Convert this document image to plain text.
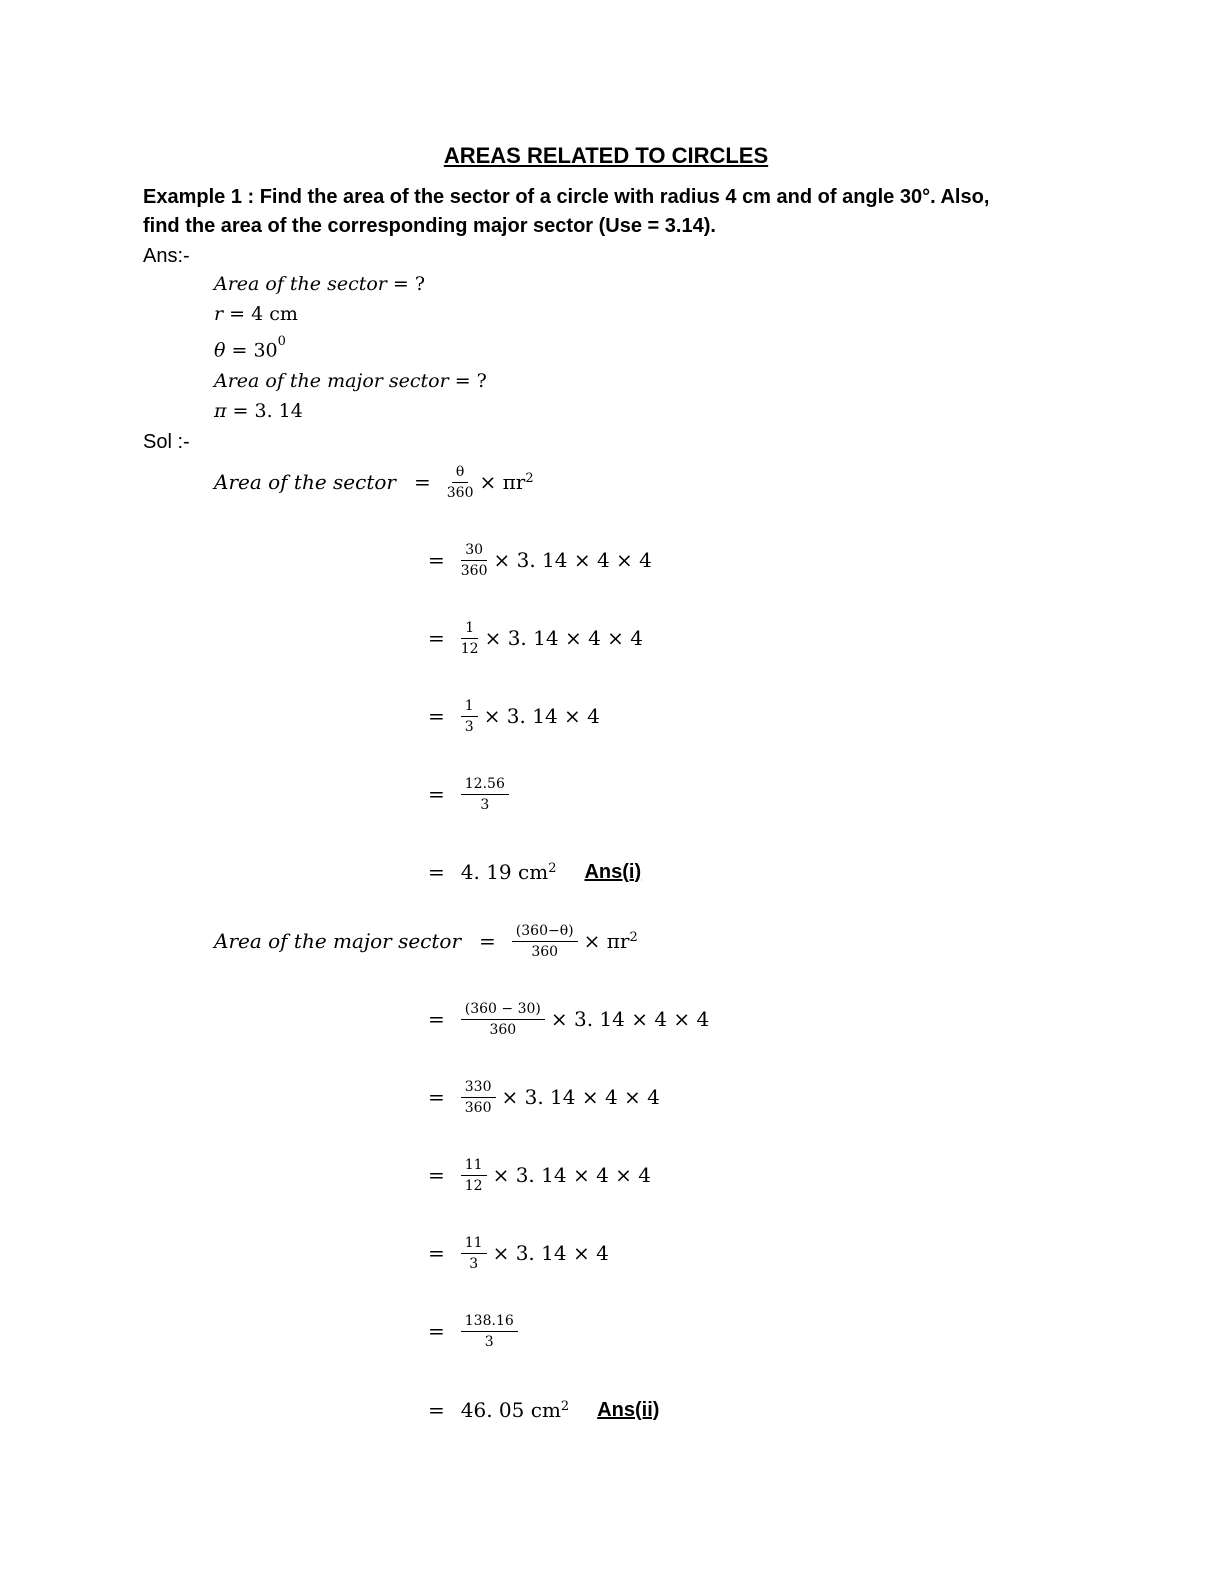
AREAS RELATED TO CIRCLES
Example 1 : Find the area of the sector of a circle with radius 4 cm and of angle 30°. Also,
find the area of the corresponding major sector (Use = 3.14).
Ans:-
Area of the sector = ?
r = 4 cm
$\theta = 30^0$
Area of the major sector = ?
π = 3. 14
Sol :-
Area of the sector = $\frac{\theta}{360} \times \pi r^2$
= $\frac{30}{360} \times 3$. 14 × 4 × 4
= $\frac{1}{12} \times 3$. 14 × 4 × 4
= $\frac{1}{3} \times 3$. 14 × 4
= $\frac{12.56}{3}$
= 4. 19 $cm^2$ Ans(i)
Area of the major sector = $\frac{(360-\theta)}{360} \times \pi r^2$
= $\frac{(360 - 30)}{360} \times 3$. 14 × 4 × 4
= $\frac{330}{360} \times 3$. 14 × 4 × 4
= $\frac{11}{12} \times 3$. 14 × 4 × 4
= $\frac{11}{3} \times 3$. 14 × 4
= $\frac{138.16}{3}$
= 46. 05 $cm^2$ Ans(ii)
